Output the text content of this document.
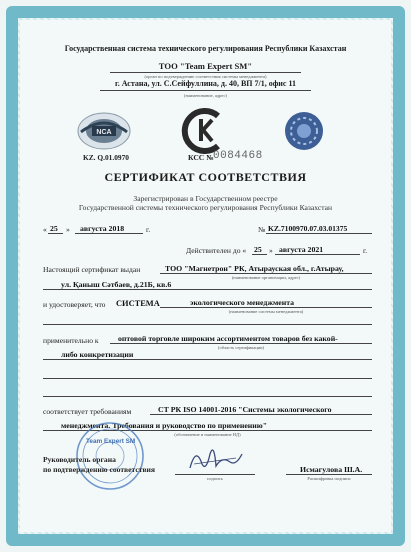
Государственная система технического регулирования Республики Казахстан
ТОО "Team Expert SM"
(орган по подтверждению соответствия системы менеджмента)
г. Астана, ул. С.Сейфуллина, д. 40, ВП 7/1, офис 11
(наименование, адрес)
NCA
KZ. Q.01.0970	КСС № 0084468
СЕРТИФИКАТ СООТВЕТСТВИЯ
Зарегистрирован в Государственном реестре
Государственной системы технического регулирования Республики Казахстан
« 25 » августа 2018	г.	№ KZ.7100970.07.03.01375
Действителен до « 25 » августа 2021	г.
Настоящий сертификат выдан	ТОО "Магнетрон" РК, Атырауская обл., г.Атырау,
(наименование организации, адрес)
ул. Қаныш Сәтбаев, д.21Б, кв.6
и удостоверяет, что СИСТЕМА	экологического менеджмента
(наименование системы менеджмента)
применительно к оптовой торговле широким ассортиментом товаров без какой-
(область сертификации)
либо конкретизации
соответствует требованиям	СТ РК ISO 14001-2016 "Системы экологического
менеджмента. Требования и руководство по применению"
(обозначение и наименование НД)
Team Expert SM
Руководитель органа
по подтверждению соответствия
подпись
Исмагулова Ш.А.
Расшифровка подписи
